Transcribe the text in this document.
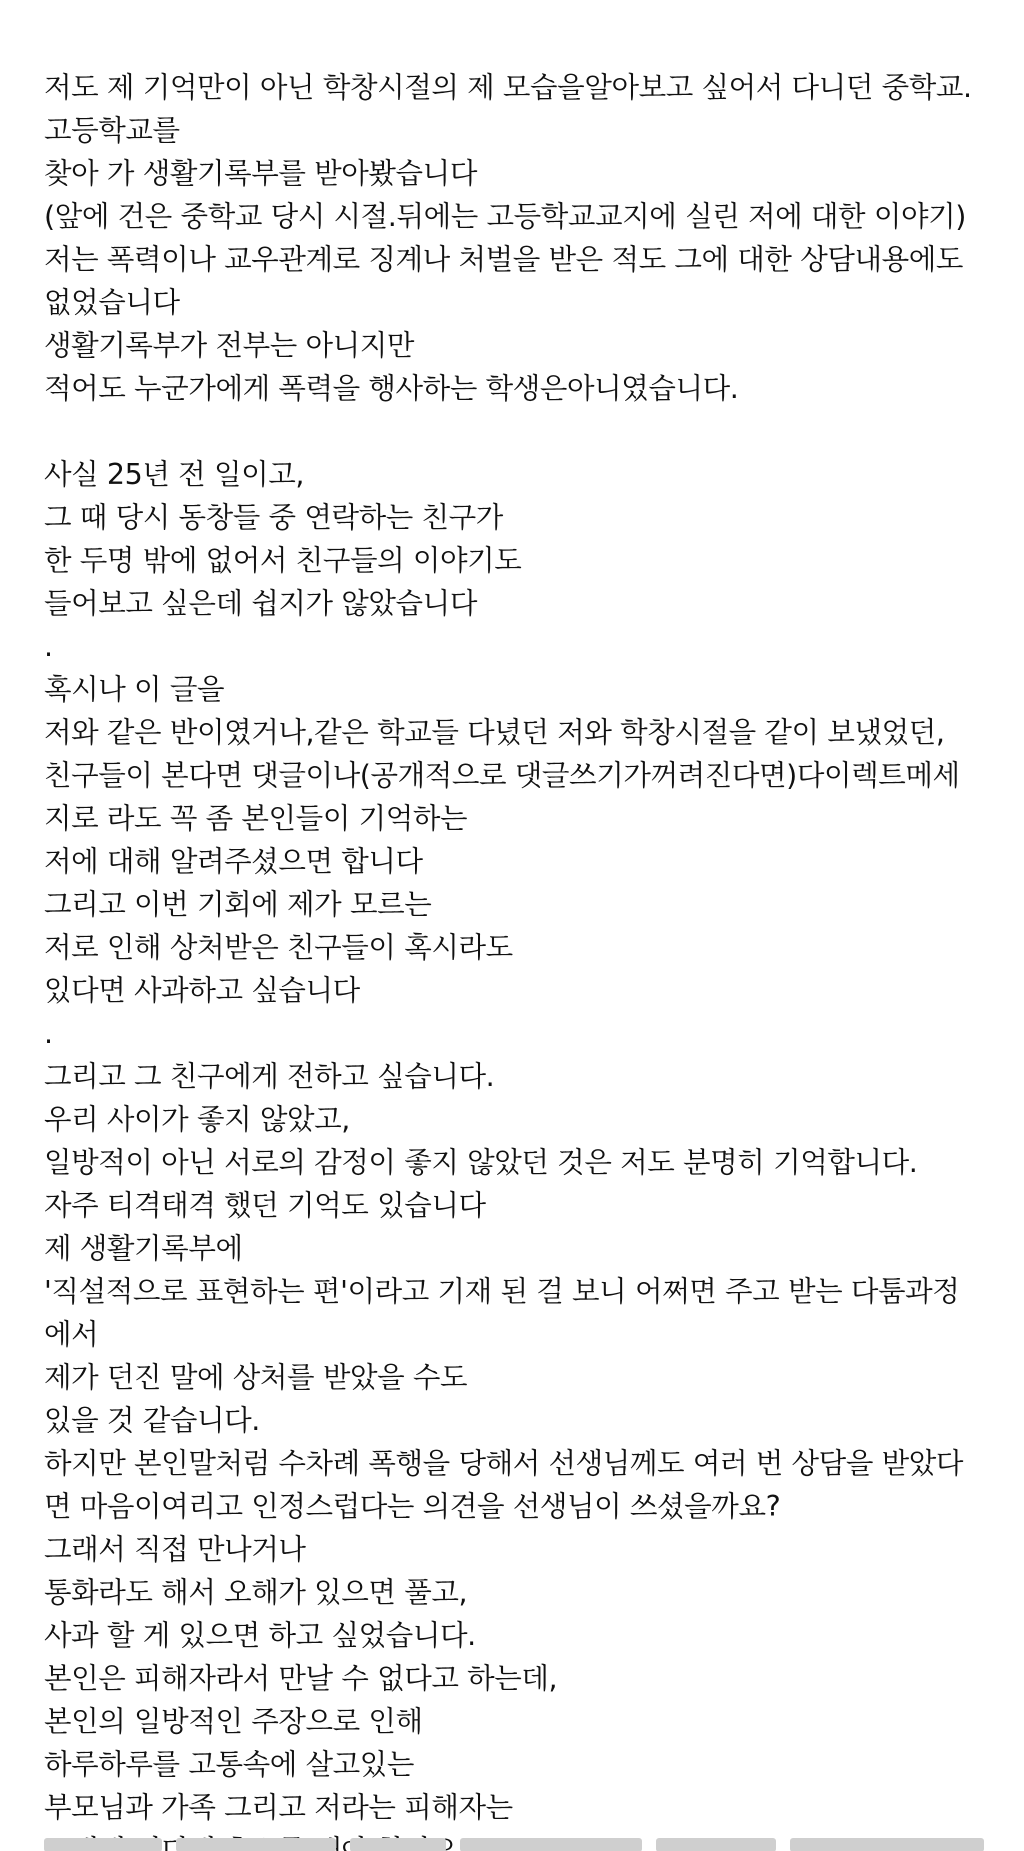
저도 제 기억만이 아닌 학창시절의 제 모습을알아보고 싶어서 다니던 중학교.
고등학교를
찾아 가 생활기록부를 받아봤습니다
(앞에 건은 중학교 당시 시절.뒤에는 고등학교교지에 실린 저에 대한 이야기)
저는 폭력이나 교우관계로 징계나 처벌을 받은 적도 그에 대한 상담내용에도
없었습니다
생활기록부가 전부는 아니지만
적어도 누군가에게 폭력을 행사하는 학생은아니였습니다.
사실 25년 전 일이고,
그 때 당시 동창들 중 연락하는 친구가
한 두명 밖에 없어서 친구들의 이야기도
들어보고 싶은데 쉽지가 않았습니다
.
혹시나 이 글을
저와 같은 반이였거나,같은 학교들 다녔던 저와 학창시절을 같이 보냈었던,
친구들이 본다면 댓글이나(공개적으로 댓글쓰기가꺼려진다면)다이렉트메세
지로 라도 꼭 좀 본인들이 기억하는
저에 대해 알려주셨으면 합니다
그리고 이번 기회에 제가 모르는
저로 인해 상처받은 친구들이 혹시라도
있다면 사과하고 싶습니다
.
그리고 그 친구에게 전하고 싶습니다.
우리 사이가 좋지 않았고,
일방적이 아닌 서로의 감정이 좋지 않았던 것은 저도 분명히 기억합니다.
자주 티격태격 했던 기억도 있습니다
제 생활기록부에
'직설적으로 표현하는 편'이라고 기재 된 걸 보니 어쩌면 주고 받는 다툼과정
에서
제가 던진 말에 상처를 받았을 수도
있을 것 같습니다.
하지만 본인말처럼 수차례 폭행을 당해서 선생님께도 여러 번 상담을 받았다
면 마음이여리고 인정스럽다는 의견을 선생님이 쓰셨을까요?
그래서 직접 만나거나
통화라도 해서 오해가 있으면 풀고,
사과 할 게 있으면 하고 싶었습니다.
본인은 피해자라서 만날 수 없다고 하는데,
본인의 일방적인 주장으로 인해
하루하루를 고통속에 살고있는
부모님과 가족 그리고 저라는 피해자는
어디에 해야
